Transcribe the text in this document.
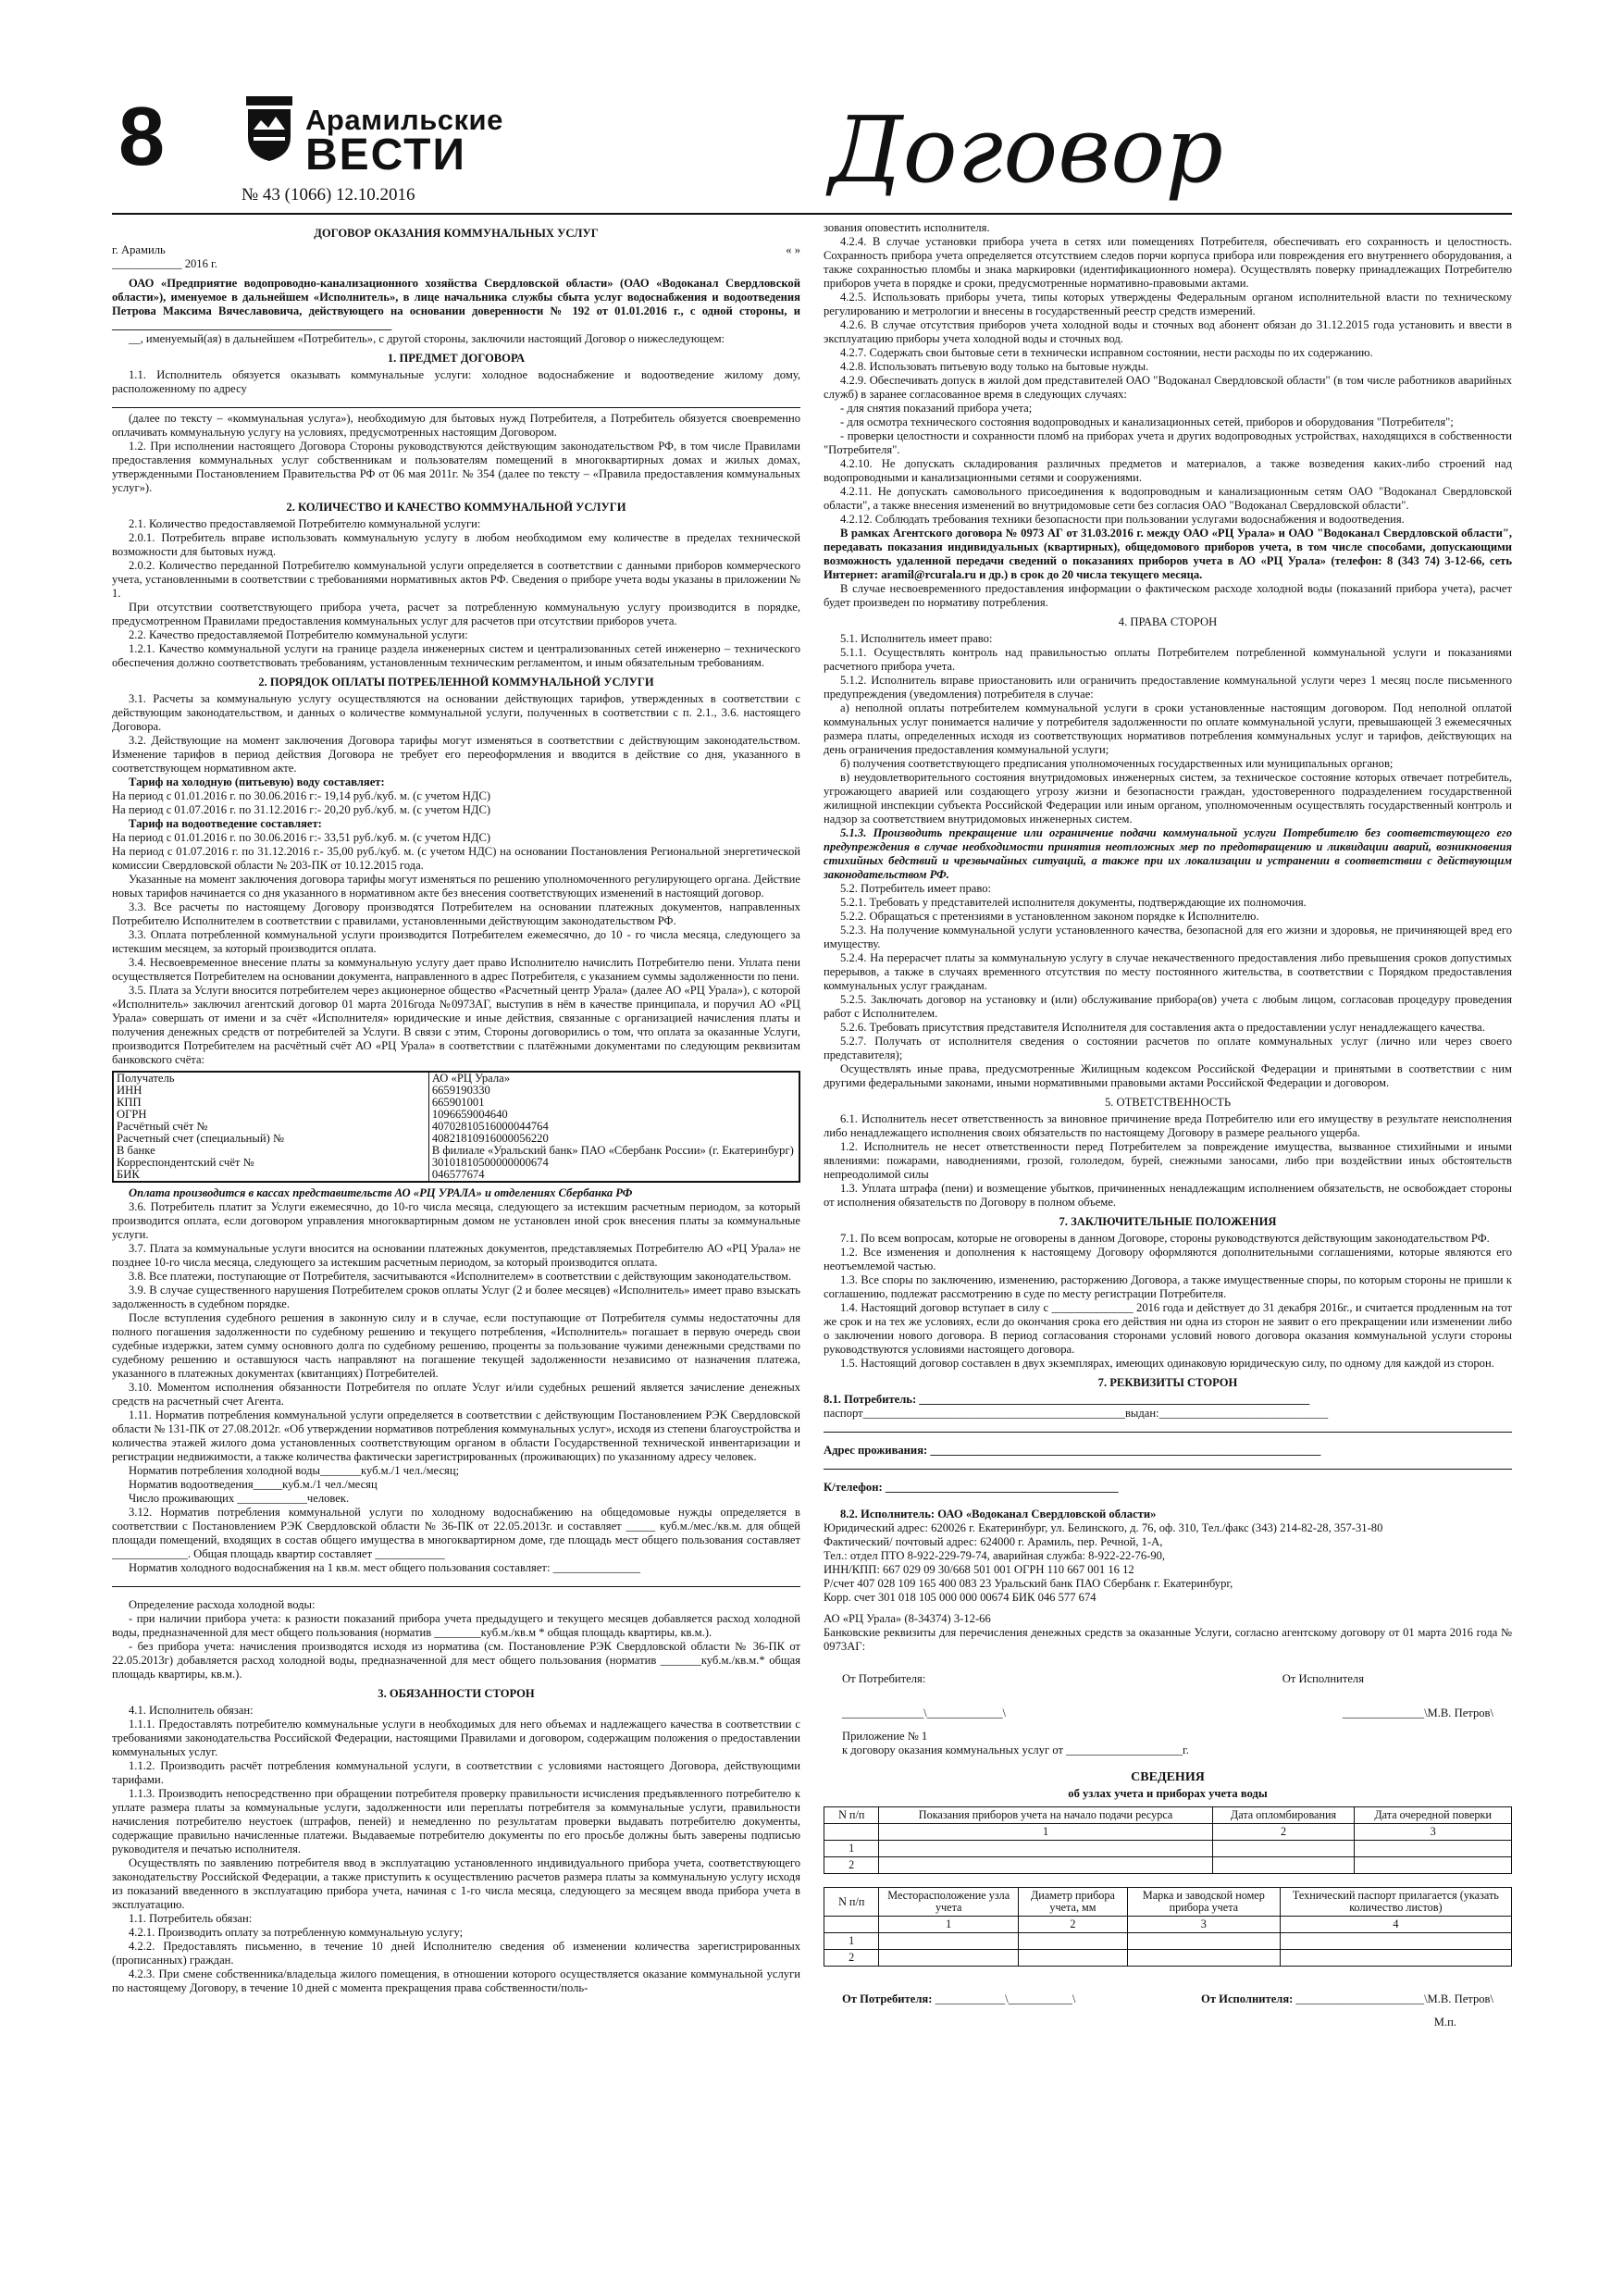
8	Арамильские
ВЕСТИ
№ 43 (1066) 12.10.2016	Договор
ДОГОВОР ОКАЗАНИЯ КОММУНАЛЬНЫХ УСЛУГ
г. Арамиль	« »

____________ 2016 г.

ОАО «Предприятие водопроводно-канализационного хозяйства Свердловской области» (ОАО «Водоканал Свердловской области»), именуемое в дальнейшем «Исполнитель», в лице начальника службы сбыта услуг водоснабжения и водоотведения Петрова Максима Вячеславовича, действующего на основании доверенности № 192 от 01.01.2016 г., с одной стороны, и ________________________________________________

__, именуемый(ая) в дальнейшем «Потребитель», с другой стороны, заключили настоящий Договор о нижеследующем:

1. ПРЕДМЕТ ДОГОВОРА

1.1. Исполнитель обязуется оказывать коммунальные услуги: холодное водоснабжение и водоотведение жилому дому, расположенному по адресу

(далее по тексту – «коммунальная услуга»), необходимую для бытовых нужд Потребителя, а Потребитель обязуется своевременно оплачивать коммунальную услугу на условиях, предусмотренных настоящим Договором.

1.2. При исполнении настоящего Договора Стороны руководствуются действующим законодательством РФ, в том числе Правилами предоставления коммунальных услуг собственникам и пользователям помещений в многоквартирных домах и жилых домах, утвержденными Постановлением Правительства РФ от 06 мая 2011г. № 354 (далее по тексту – «Правила предоставления коммунальных услуг»).

2. КОЛИЧЕСТВО И КАЧЕСТВО КОММУНАЛЬНОЙ УСЛУГИ

2.1. Количество предоставляемой Потребителю коммунальной услуги:

2.0.1. Потребитель вправе использовать коммунальную услугу в любом необходимом ему количестве в пределах технической возможности для бытовых нужд.

2.0.2. Количество переданной Потребителю коммунальной услуги определяется в соответствии с данными приборов коммерческого учета, установленными в соответствии с требованиями нормативных актов РФ. Сведения о приборе учета воды указаны в приложении № 1.

При отсутствии соответствующего прибора учета, расчет за потребленную коммунальную услугу производится в порядке, предусмотренном Правилами предоставления коммунальных услуг для расчетов при отсутствии приборов учета.

2.2. Качество предоставляемой Потребителю коммунальной услуги:

1.2.1. Качество коммунальной услуги на границе раздела инженерных систем и централизованных сетей инженерно – технического обеспечения должно соответствовать требованиям, установленным техническим регламентом, и иным обязательным требованиям.

2. ПОРЯДОК ОПЛАТЫ ПОТРЕБЛЕННОЙ КОММУНАЛЬНОЙ УСЛУГИ

3.1. Расчеты за коммунальную услугу осуществляются на основании действующих тарифов, утвержденных в соответствии с действующим законодательством, и данных о количестве коммунальной услуги, полученных в соответствии с п. 2.1., 3.6. настоящего Договора.

3.2. Действующие на момент заключения Договора тарифы могут изменяться в соответствии с действующим законодательством. Изменение тарифов в период действия Договора не требует его переоформления и вводится в действие со дня, указанного в соответствующем нормативном акте.

Тариф на холодную (питьевую) воду составляет:

На период с 01.01.2016 г. по 30.06.2016 г:- 19,14 руб./куб. м. (с учетом НДС)

На период с 01.07.2016 г. по 31.12.2016 г:- 20,20 руб./куб. м. (с учетом НДС)

Тариф на водоотведение составляет:

На период с 01.01.2016 г. по 30.06.2016 г:- 33,51 руб./куб. м. (с учетом НДС)

На период с 01.07.2016 г. по 31.12.2016 г.- 35,00 руб./куб. м. (с учетом НДС) на основании Постановления Региональной энергетической комиссии Свердловской области № 203-ПК от 10.12.2015 года.

Указанные на момент заключения договора тарифы могут изменяться по решению уполномоченного регулирующего органа. Действие новых тарифов начинается со дня указанного в нормативном акте без внесения соответствующих изменений в настоящий договор.

3.3. Все расчеты по настоящему Договору производятся Потребителем на основании платежных документов, направленных Потребителю Исполнителем в соответствии с правилами, установленными действующим законодательством РФ.

3.3. Оплата потребленной коммунальной услуги производится Потребителем ежемесячно, до 10 - го числа месяца, следующего за истекшим месяцем, за который производится оплата.

3.4. Несвоевременное внесение платы за коммунальную услугу дает право Исполнителю начислить Потребителю пени. Уплата пени осуществляется Потребителем на основании документа, направленного в адрес Потребителя, с указанием суммы задолженности по пени.

3.5. Плата за Услуги вносится потребителем через акционерное общество «Расчетный центр Урала» (далее АО «РЦ Урала»), с которой «Исполнитель» заключил агентский договор 01 марта 2016года №0973АГ, выступив в нём в качестве принципала, и поручил АО «РЦ Урала» совершать от имени и за счёт «Исполнителя» юридические и иные действия, связанные с организацией начисления платы и получения денежных средств от потребителей за Услуги. В связи с этим, Стороны договорились о том, что оплата за оказанные Услуги, производится Потребителем на расчётный счёт АО «РЦ Урала» в соответствии с платёжными документами по следующим реквизитам банковского счёта:

Получатель	АО «РЦ Урала»
ИНН	6659190330
КПП	665901001
ОГРН	1096659004640
Расчётный счёт №	40702810516000044764
Расчетный счет (специальный) №	40821810916000056220
В банке	В филиале «Уральский банк» ПАО «Сбербанк России» (г. Екатеринбург)
Корреспондентский счёт №	30101810500000000674
БИК	046577674

Оплата производится в кассах представительств АО «РЦ УРАЛА» и отделениях Сбербанка РФ

3.6. Потребитель платит за Услуги ежемесячно, до 10-го числа месяца, следующего за истекшим расчетным периодом, за который производится оплата, если договором управления многоквартирным домом не установлен иной срок внесения платы за коммунальные услуги.

3.7. Плата за коммунальные услуги вносится на основании платежных документов, представляемых Потребителю АО «РЦ Урала» не позднее 10-го числа месяца, следующего за истекшим расчетным периодом, за который производится оплата.

3.8. Все платежи, поступающие от Потребителя, засчитываются «Исполнителем» в соответствии с действующим законодательством.

3.9. В случае существенного нарушения Потребителем сроков оплаты Услуг (2 и более месяцев) «Исполнитель» имеет право взыскать задолженность в судебном порядке.

После вступления судебного решения в законную силу и в случае, если поступающие от Потребителя суммы недостаточны для полного погашения задолженности по судебному решению и текущего потребления, «Исполнитель» погашает в первую очередь свои судебные издержки, затем сумму основного долга по судебному решению, проценты за пользование чужими денежными средствами по судебному решению и оставшуюся часть направляют на погашение текущей задолженности независимо от назначения платежа, указанного в платежных документах (квитанциях) Потребителей.

3.10. Моментом исполнения обязанности Потребителя по оплате Услуг и/или судебных решений является зачисление денежных средств на расчетный счет Агента.

1.11. Норматив потребления коммунальной услуги определяется в соответствии с действующим Постановлением РЭК Свердловской области № 131-ПК от 27.08.2012г. «Об утверждении нормативов потребления коммунальных услуг», исходя из степени благоустройства и количества этажей жилого дома установленных соответствующим органом в области Государственной технической инвентаризации и регистрации недвижимости, а также количества фактически зарегистрированных (проживающих) по указанному адресу человек.

Норматив потребления холодной воды_______куб.м./1 чел./месяц;

Норматив водоотведения_____куб.м./1 чел./месяц

Число проживающих ____________человек.

3.12. Норматив потребления коммунальной услуги по холодному водоснабжению на общедомовые нужды определяется в соответствии с Постановлением РЭК Свердловской области № 36-ПК от 22.05.2013г. и составляет _____ куб.м./мес./кв.м. для общей площади помещений, входящих в состав общего имущества в многоквартирном доме, где площадь мест общего пользования составляет _____________. Общая площадь квартир составляет ____________

Норматив холодного водоснабжения на 1 кв.м. мест общего пользования составляет: _______________

Определение расхода холодной воды:

- при наличии прибора учета: к разности показаний прибора учета предыдущего и текущего месяцев добавляется расход холодной воды, предназначенной для мест общего пользования (норматив ________куб.м./кв.м * общая площадь квартиры, кв.м.).

- без прибора учета: начисления производятся исходя из норматива (см. Постановление РЭК Свердловской области № 36-ПК от 22.05.2013г) добавляется расход холодной воды, предназначенной для мест общего пользования (норматив _______куб.м./кв.м.* общая площадь квартиры, кв.м.).

3. ОБЯЗАННОСТИ СТОРОН

4.1. Исполнитель обязан:

1.1.1. Предоставлять потребителю коммунальные услуги в необходимых для него объемах и надлежащего качества в соответствии с требованиями законодательства Российской Федерации, настоящими Правилами и договором, содержащим положения о предоставлении коммунальных услуг.

1.1.2. Производить расчёт потребления коммунальной услуги, в соответствии с условиями настоящего Договора, действующими тарифами.

1.1.3. Производить непосредственно при обращении потребителя проверку правильности исчисления предъявленного потребителю к уплате размера платы за коммунальные услуги, задолженности или переплаты потребителя за коммунальные услуги, правильности начисления потребителю неустоек (штрафов, пеней) и немедленно по результатам проверки выдавать потребителю документы, содержащие правильно начисленные платежи. Выдаваемые потребителю документы по его просьбе должны быть заверены подписью руководителя и печатью исполнителя.

Осуществлять по заявлению потребителя ввод в эксплуатацию установленного индивидуального прибора учета, соответствующего законодательству Российской Федерации, а также приступить к осуществлению расчетов размера платы за коммунальную услугу исходя из показаний введенного в эксплуатацию прибора учета, начиная с 1-го числа месяца, следующего за месяцем ввода прибора учета в эксплуатацию.

1.1. Потребитель обязан:

4.2.1. Производить оплату за потребленную коммунальную услугу;

4.2.2. Предоставлять письменно, в течение 10 дней Исполнителю сведения об изменении количества зарегистрированных (прописанных) граждан.

4.2.3. При смене собственника/владельца жилого помещения, в отношении которого осуществляется оказание коммунальной услуги по настоящему Договору, в течение 10 дней с момента прекращения права собственности/поль-

зования оповестить исполнителя.

4.2.4. В случае установки прибора учета в сетях или помещениях Потребителя, обеспечивать его сохранность и целостность. Сохранность прибора учета определяется отсутствием следов порчи корпуса прибора или повреждения его внутреннего оборудования, а также сохранностью пломбы и знака маркировки (идентификационного номера). Осуществлять поверку принадлежащих Потребителю приборов учета в порядке и сроки, предусмотренные нормативно-правовыми актами.

4.2.5. Использовать приборы учета, типы которых утверждены Федеральным органом исполнительной власти по техническому регулированию и метрологии и внесены в государственный реестр средств измерений.

4.2.6. В случае отсутствия приборов учета холодной воды и сточных вод абонент обязан до 31.12.2015 года установить и ввести в эксплуатацию приборы учета холодной воды и сточных вод.

4.2.7. Содержать свои бытовые сети в технически исправном состоянии, нести расходы по их содержанию.

4.2.8. Использовать питьевую воду только на бытовые нужды.

4.2.9. Обеспечивать допуск в жилой дом представителей ОАО "Водоканал Свердловской области" (в том числе работников аварийных служб) в заранее согласованное время в следующих случаях:

- для снятия показаний прибора учета;

- для осмотра технического состояния водопроводных и канализационных сетей, приборов и оборудования "Потребителя";

- проверки целостности и сохранности пломб на приборах учета и других водопроводных устройствах, находящихся в собственности "Потребителя".

4.2.10. Не допускать складирования различных предметов и материалов, а также возведения каких-либо строений над водопроводными и канализационными сетями и сооружениями.

4.2.11. Не допускать самовольного присоединения к водопроводным и канализационным сетям ОАО "Водоканал Свердловской области", а также внесения изменений во внутридомовые сети без согласия ОАО "Водоканал Свердловской области".

4.2.12. Соблюдать требования техники безопасности при пользовании услугами водоснабжения и водоотведения.

В рамках Агентского договора № 0973 АГ от 31.03.2016 г. между ОАО «РЦ Урала» и ОАО "Водоканал Свердловской области", передавать показания индивидуальных (квартирных), общедомового приборов учета, в том числе способами, допускающими возможность удаленной передачи сведений о показаниях приборов учета в АО «РЦ Урала» (телефон: 8 (343 74) 3-12-66, сеть Интернет: aramil@rcurala.ru и др.) в срок до 20 числа текущего месяца.

В случае несвоевременного предоставления информации о фактическом расходе холодной воды (показаний прибора учета), расчет будет произведен по нормативу потребления.

4. ПРАВА СТОРОН

5.1. Исполнитель имеет право:

5.1.1. Осуществлять контроль над правильностью оплаты Потребителем потребленной коммунальной услуги и показаниями расчетного прибора учета.

5.1.2. Исполнитель вправе приостановить или ограничить предоставление коммунальной услуги через 1 месяц после письменного предупреждения (уведомления) потребителя в случае:

а) неполной оплаты потребителем коммунальной услуги в сроки установленные настоящим договором. Под неполной оплатой коммунальных услуг понимается наличие у потребителя задолженности по оплате коммунальной услуги, превышающей 3 ежемесячных размера платы, определенных исходя из соответствующих нормативов потребления коммунальных услуг и тарифов, действующих на день ограничения предоставления коммунальной услуги;

б) получения соответствующего предписания уполномоченных государственных или муниципальных органов;

в) неудовлетворительного состояния внутридомовых инженерных систем, за техническое состояние которых отвечает потребитель, угрожающего аварией или создающего угрозу жизни и безопасности граждан, удостоверенного подразделением государственной жилищной инспекции субъекта Российской Федерации или иным органом, уполномоченным осуществлять государственный контроль и надзор за соответствием внутридомовых инженерных систем.

5.1.3. Производить прекращение или ограничение подачи коммунальной услуги Потребителю без соответствующего его предупреждения в случае необходимости принятия неотложных мер по предотвращению и ликвидации аварий, возникновения стихийных бедствий и чрезвычайных ситуаций, а также при их локализации и устранении в соответствии с действующим законодательством РФ.

5.2. Потребитель имеет право:

5.2.1. Требовать у представителей исполнителя документы, подтверждающие их полномочия.

5.2.2. Обращаться с претензиями в установленном законом порядке к Исполнителю.

5.2.3. На получение коммунальной услуги установленного качества, безопасной для его жизни и здоровья, не причиняющей вред его имуществу.

5.2.4. На перерасчет платы за коммунальную услугу в случае некачественного предоставления либо превышения сроков допустимых перерывов, а также в случаях временного отсутствия по месту постоянного жительства, в соответствии с Порядком предоставления коммунальных услуг гражданам.

5.2.5. Заключать договор на установку и (или) обслуживание прибора(ов) учета с любым лицом, согласовав процедуру проведения работ с Исполнителем.

5.2.6. Требовать присутствия представителя Исполнителя для составления акта о предоставлении услуг ненадлежащего качества.

5.2.7. Получать от исполнителя сведения о состоянии расчетов по оплате коммунальных услуг (лично или через своего представителя);

Осуществлять иные права, предусмотренные Жилищным кодексом Российской Федерации и принятыми в соответствии с ним другими федеральными законами, иными нормативными правовыми актами Российской Федерации и договором.

5. ОТВЕТСТВЕННОСТЬ

6.1. Исполнитель несет ответственность за виновное причинение вреда Потребителю или его имуществу в результате неисполнения либо ненадлежащего исполнения своих обязательств по настоящему Договору в размере реального ущерба.

1.2. Исполнитель не несет ответственности перед Потребителем за повреждение имущества, вызванное стихийными и иными явлениями: пожарами, наводнениями, грозой, гололедом, бурей, снежными заносами, либо при воздействии иных обстоятельств непреодолимой силы

1.3. Уплата штрафа (пени) и возмещение убытков, причиненных ненадлежащим исполнением обязательств, не освобождает стороны от исполнения обязательств по Договору в полном объеме.

7. ЗАКЛЮЧИТЕЛЬНЫЕ ПОЛОЖЕНИЯ

7.1. По всем вопросам, которые не оговорены в данном Договоре, стороны руководствуются действующим законодательством РФ.

1.2. Все изменения и дополнения к настоящему Договору оформляются дополнительными соглашениями, которые являются его неотъемлемой частью.

1.3. Все споры по заключению, изменению, расторжению Договора, а также имущественные споры, по которым стороны не пришли к соглашению, подлежат рассмотрению в суде по месту регистрации Потребителя.

1.4. Настоящий договор вступает в силу с ______________ 2016 года и действует до 31 декабря 2016г., и считается продленным на тот же срок и на тех же условиях, если до окончания срока его действия ни одна из сторон не заявит о его прекращении или изменении либо о заключении нового договора. В период согласования сторонами условий нового договора оказания коммунальной услуги стороны руководствуются условиями настоящего договора.

1.5. Настоящий договор составлен в двух экземплярах, имеющих одинаковую юридическую силу, по одному для каждой из сторон.

7. РЕКВИЗИТЫ СТОРОН

8.1. Потребитель: ___________________________________________________________________

паспорт_____________________________________________выдан:_____________________________

Адрес проживания: ___________________________________________________________________

К/телефон: ________________________________________

8.2. Исполнитель: ОАО «Водоканал Свердловской области»

Юридический адрес: 620026 г. Екатеринбург, ул. Белинского, д. 76, оф. 310, Тел./факс (343) 214-82-28, 357-31-80

Фактический/ почтовый адрес: 624000 г. Арамиль, пер. Речной, 1-А,

Тел.: отдел ПТО 8-922-229-79-74, аварийная служба: 8-922-22-76-90,

ИНН/КПП: 667 029 09 30/668 501 001 ОГРН 110 667 001 16 12

Р/счет 407 028 109 165 400 083 23 Уральский банк ПАО Сбербанк г. Екатеринбург,

Корр. счет 301 018 105 000 000 00674 БИК 046 577 674

АО «РЦ Урала» (8-34374) 3-12-66

Банковские реквизиты для перечисления денежных средств за оказанные Услуги, согласно агентскому договору от 01 марта 2016 года № 0973АГ:

От Потребителя:	От Исполнителя
______________\_____________\	______________\М.В. Петров\

Приложение № 1

к договору оказания коммунальных услуг от ____________________г.

СВЕДЕНИЯ

об узлах учета и приборах учета воды

N п/п	Показания приборов учета на начало подачи ресурса	Дата опломбирования	Дата очередной поверки
	1	2	3
1			
2			
N п/п	Месторасположение узла учета	Диаметр прибора учета, мм	Марка и заводской номер прибора учета	Технический паспорт прилагается (указать количество листов)
	1	2	3	4
1				
2				
От Потребителя: ____________\___________\	От Исполнителя: ______________________\М.В. Петров\

М.п.
